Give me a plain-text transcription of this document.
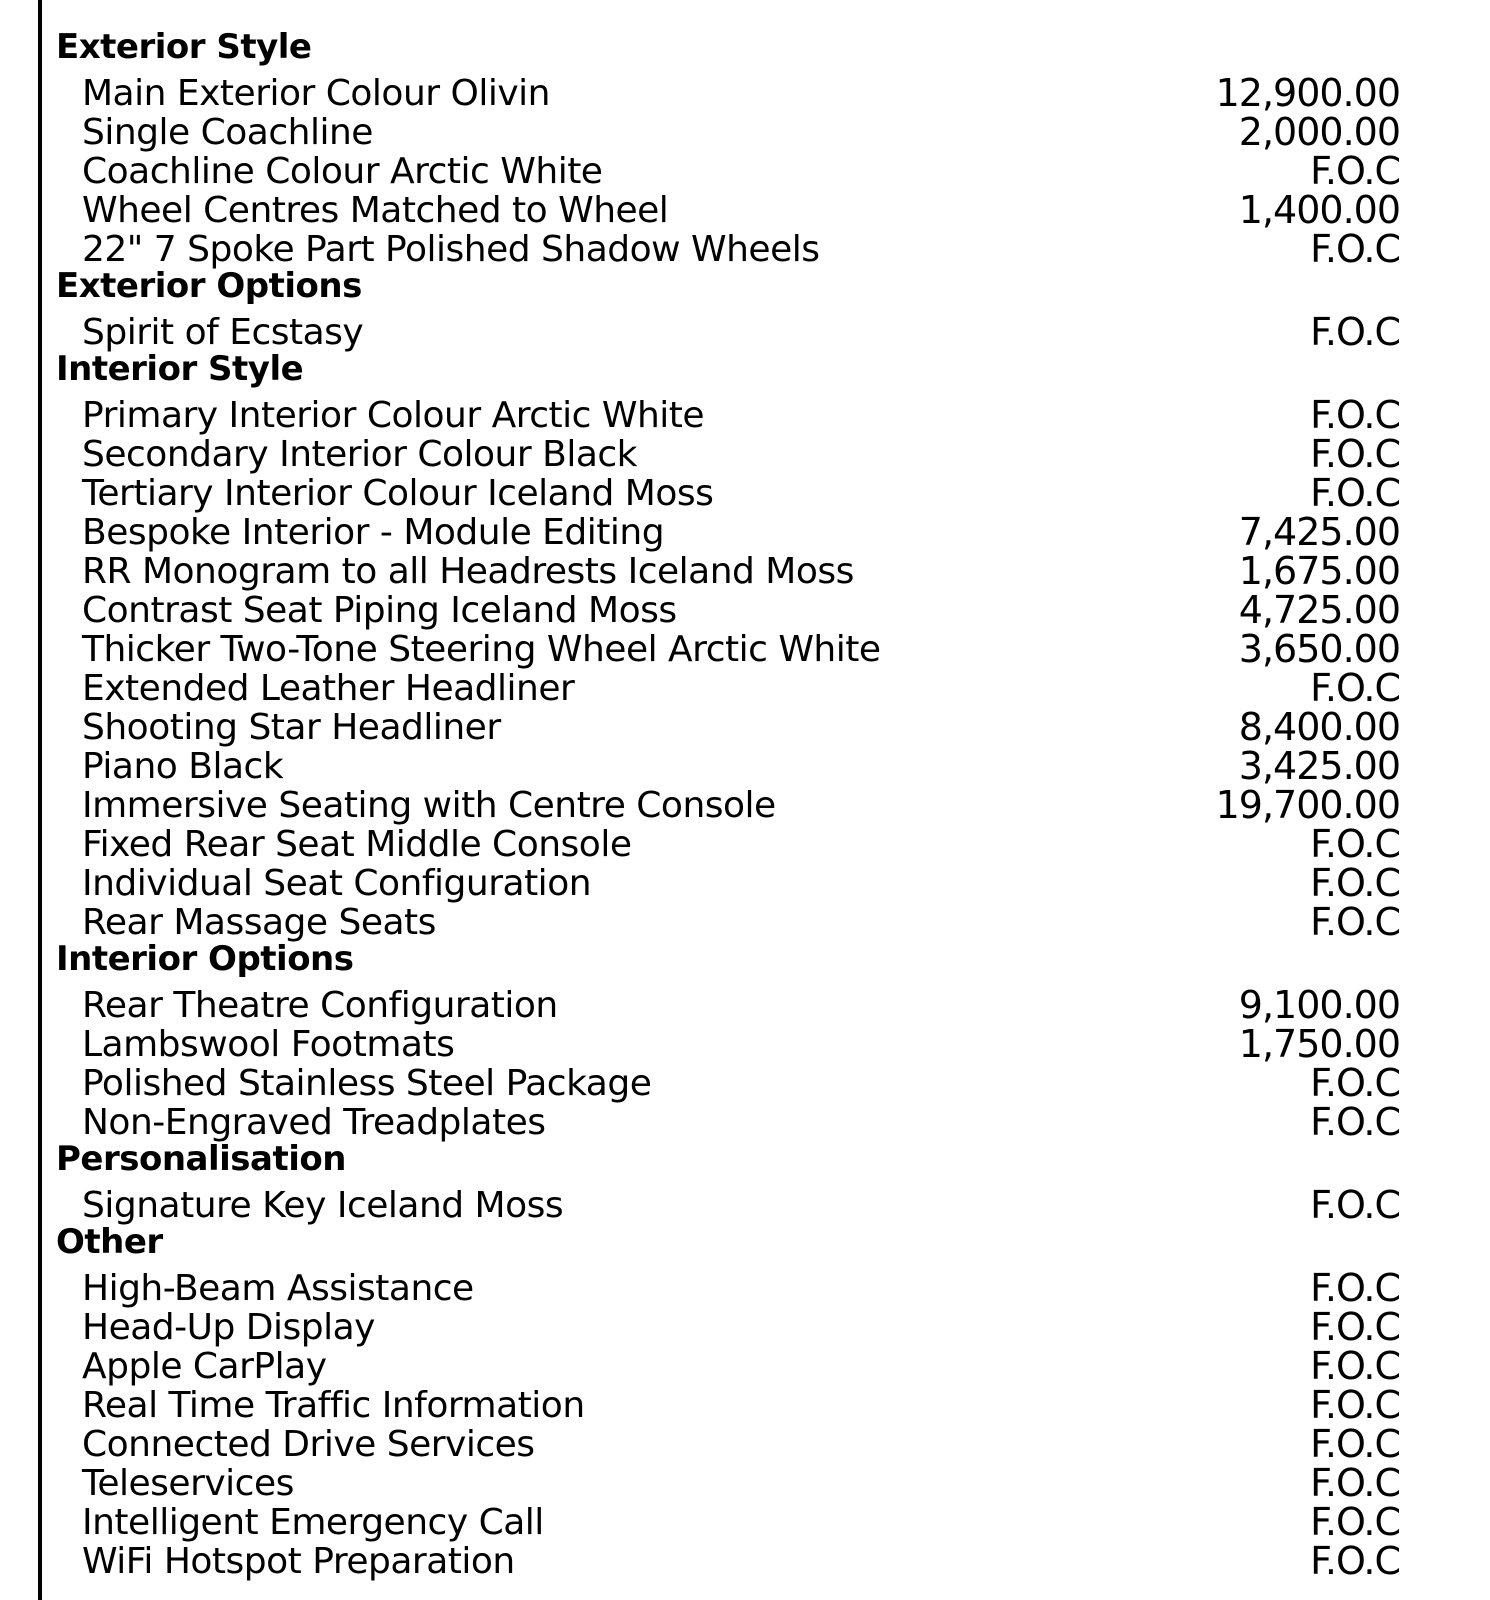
Exterior Style
Main Exterior Colour Olivin	12,900.00
Single Coachline	2,000.00
Coachline Colour Arctic White	F.O.C
Wheel Centres Matched to Wheel	1,400.00
22" 7 Spoke Part Polished Shadow Wheels	F.O.C
Exterior Options
Spirit of Ecstasy	F.O.C
Interior Style
Primary Interior Colour Arctic White	F.O.C
Secondary Interior Colour Black	F.O.C
Tertiary Interior Colour Iceland Moss	F.O.C
Bespoke Interior - Module Editing	7,425.00
RR Monogram to all Headrests Iceland Moss	1,675.00
Contrast Seat Piping Iceland Moss	4,725.00
Thicker Two-Tone Steering Wheel Arctic White	3,650.00
Extended Leather Headliner	F.O.C
Shooting Star Headliner	8,400.00
Piano Black	3,425.00
Immersive Seating with Centre Console	19,700.00
Fixed Rear Seat Middle Console	F.O.C
Individual Seat Configuration	F.O.C
Rear Massage Seats	F.O.C
Interior Options
Rear Theatre Configuration	9,100.00
Lambswool Footmats	1,750.00
Polished Stainless Steel Package	F.O.C
Non-Engraved Treadplates	F.O.C
Personalisation
Signature Key Iceland Moss	F.O.C
Other
High-Beam Assistance	F.O.C
Head-Up Display	F.O.C
Apple CarPlay	F.O.C
Real Time Traffic Information	F.O.C
Connected Drive Services	F.O.C
Teleservices	F.O.C
Intelligent Emergency Call	F.O.C
WiFi Hotspot Preparation	F.O.C
